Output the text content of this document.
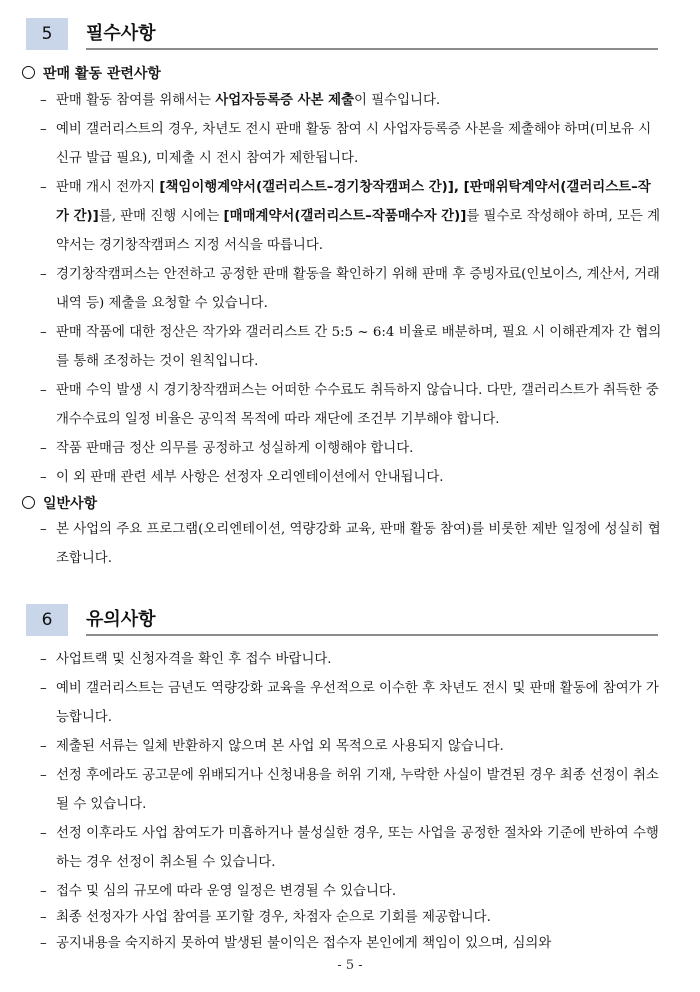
5	필수사항
판매 활동 관련사항
– 판매 활동 참여를 위해서는 사업자등록증 사본 제출이 필수입니다.
– 예비 갤러리스트의 경우, 차년도 전시 판매 활동 참여 시 사업자등록증 사본을 제출해야 하며(미보유 시 신규 발급 필요), 미제출 시 전시 참여가 제한됩니다.
– 판매 개시 전까지 [책임이행계약서(갤러리스트–경기창작캠퍼스 간)], [판매위탁계약서(갤러리스트–작가 간)]를, 판매 진행 시에는 [매매계약서(갤러리스트–작품매수자 간)]를 필수로 작성해야 하며, 모든 계약서는 경기창작캠퍼스 지정 서식을 따릅니다.
– 경기창작캠퍼스는 안전하고 공정한 판매 활동을 확인하기 위해 판매 후 증빙자료(인보이스, 계산서, 거래내역 등) 제출을 요청할 수 있습니다.
– 판매 작품에 대한 정산은 작가와 갤러리스트 간 5:5 ~ 6:4 비율로 배분하며, 필요 시 이해관계자 간 협의를 통해 조정하는 것이 원칙입니다.
– 판매 수익 발생 시 경기창작캠퍼스는 어떠한 수수료도 취득하지 않습니다. 다만, 갤러리스트가 취득한 중개수수료의 일정 비율은 공익적 목적에 따라 재단에 조건부 기부해야 합니다.
– 작품 판매금 정산 의무를 공정하고 성실하게 이행해야 합니다.
– 이 외 판매 관련 세부 사항은 선정자 오리엔테이션에서 안내됩니다.
일반사항
– 본 사업의 주요 프로그램(오리엔테이션, 역량강화 교육, 판매 활동 참여)를 비롯한 제반 일정에 성실히 협조합니다.
6	유의사항
– 사업트랙 및 신청자격을 확인 후 접수 바랍니다.
– 예비 갤러리스트는 금년도 역량강화 교육을 우선적으로 이수한 후 차년도 전시 및 판매 활동에 참여가 가능합니다.
– 제출된 서류는 일체 반환하지 않으며 본 사업 외 목적으로 사용되지 않습니다.
– 선정 후에라도 공고문에 위배되거나 신청내용을 허위 기재, 누락한 사실이 발견된 경우 최종 선정이 취소될 수 있습니다.
– 선정 이후라도 사업 참여도가 미흡하거나 불성실한 경우, 또는 사업을 공정한 절차와 기준에 반하여 수행하는 경우 선정이 취소될 수 있습니다.
– 접수 및 심의 규모에 따라 운영 일정은 변경될 수 있습니다.
– 최종 선정자가 사업 참여를 포기할 경우, 차점자 순으로 기회를 제공합니다.
– 공지내용을 숙지하지 못하여 발생된 불이익은 접수자 본인에게 책임이 있으며, 심의와
- 5 -
